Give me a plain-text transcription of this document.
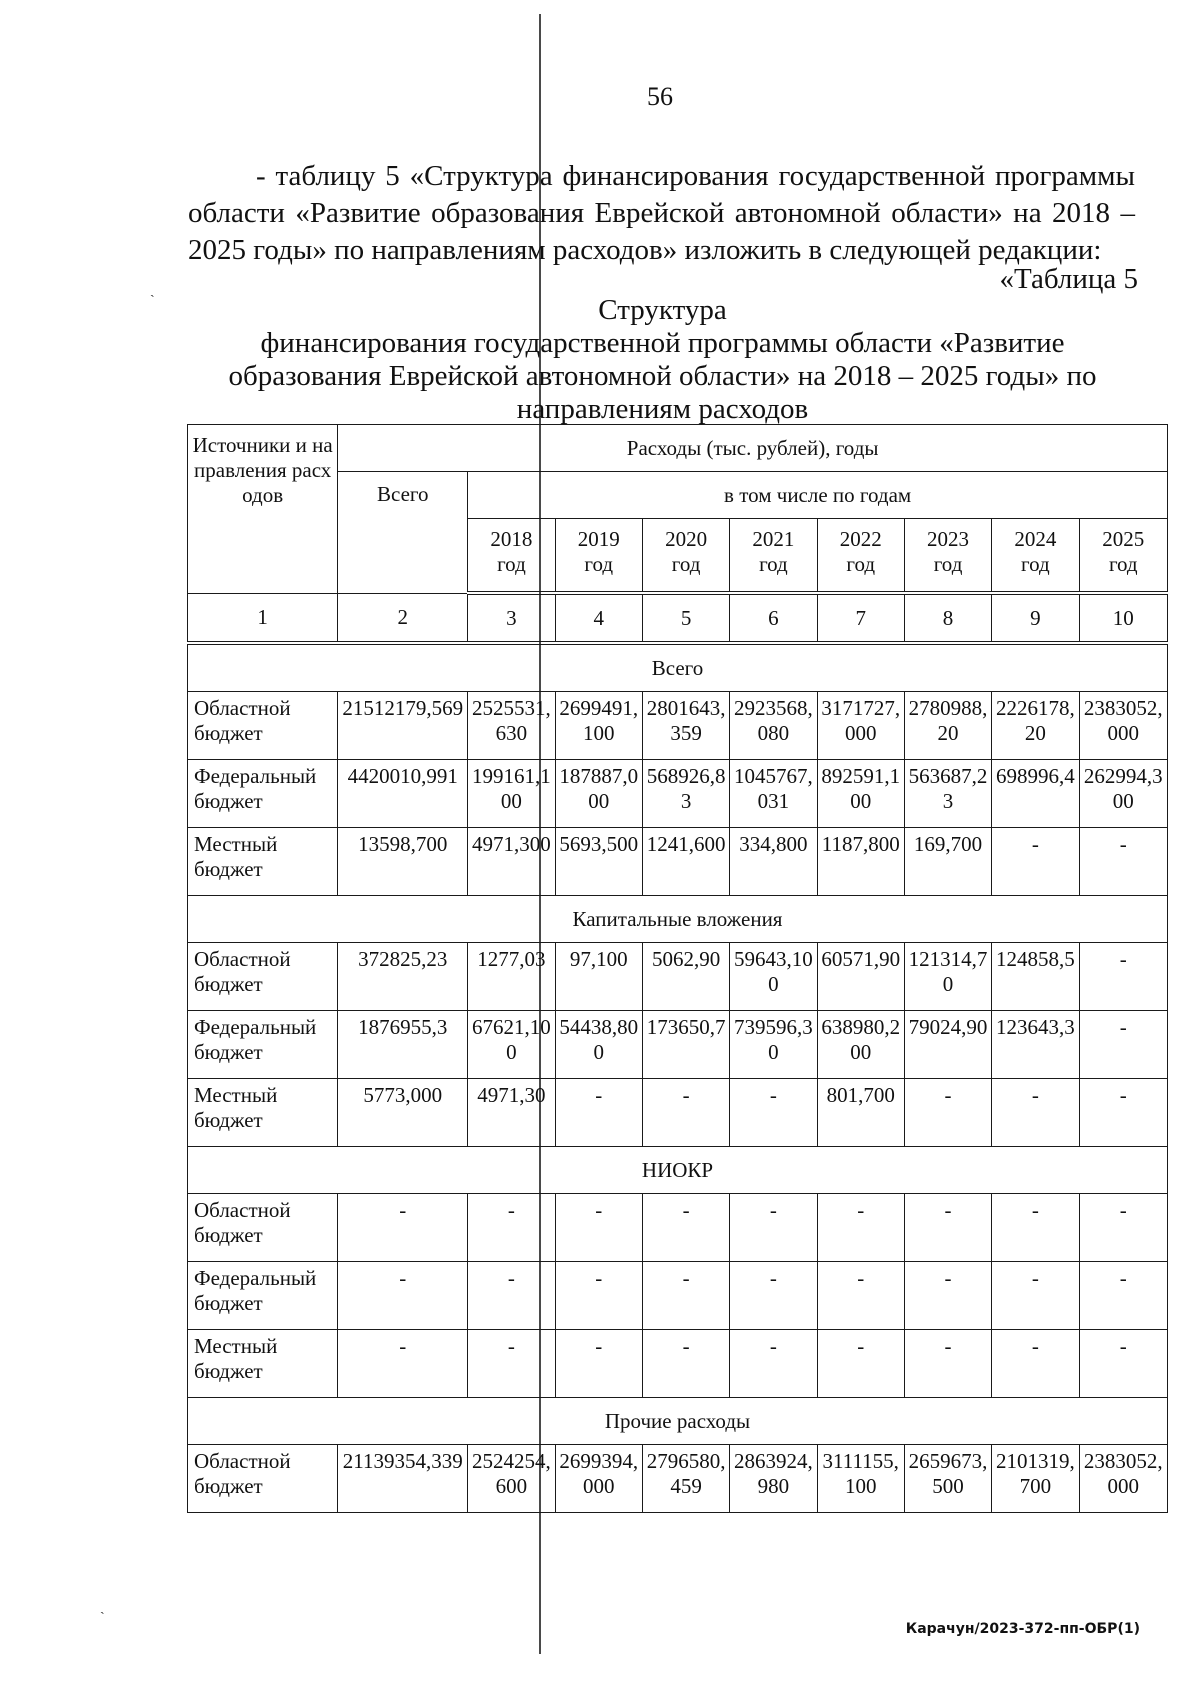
ˏ
ˏ
56

- таблицу 5 «Структура финансирования государственной программы области «Развитие образования Еврейской автономной области» на 2018 – 2025 годы» по направлениям расходов» изложить в следующей редакции:

«Таблица 5
Структура
финансирования государственной программы области «Развитие образования Еврейской автономной области» на 2018 – 2025 годы» по направлениям расходов
Источники и направления расходов	Расходы (тыс. рублей), годы								
	Всего	в том числе по годам							
		2018 год	2019 год	2020 год	2021 год	2022 год	2023 год	2024 год	2025 год
1	2	3	4	5	6	7	8	9	10
Всего									
Областной бюджет	21512179,569	2525531,630	2699491,100	2801643,359	2923568,080	3171727,000	2780988,20	2226178,20	2383052,000
Федеральный бюджет	4420010,991	199161,100	187887,000	568926,83	1045767,031	892591,100	563687,23	698996,4	262994,300
Местный бюджет	13598,700	4971,300	5693,500	1241,600	334,800	1187,800	169,700	-	-
Капитальные вложения									
Областной бюджет	372825,23	1277,03	97,100	5062,90	59643,100	60571,90	121314,70	124858,5	-
Федеральный бюджет	1876955,3	67621,100	54438,800	173650,7	739596,30	638980,200	79024,90	123643,3	-
Местный бюджет	5773,000	4971,30	-	-	-	801,700	-	-	-
НИОКР									
Областной бюджет	-	-	-	-	-	-	-	-	-
Федеральный бюджет	-	-	-	-	-	-	-	-	-
Местный бюджет	-	-	-	-	-	-	-	-	-
Прочие расходы									
Областной бюджет	21139354,339	2524254,600	2699394,000	2796580,459	2863924,980	3111155,100	2659673,500	2101319,700	2383052,000
Карачун/2023-372-пп-ОБР(1)
